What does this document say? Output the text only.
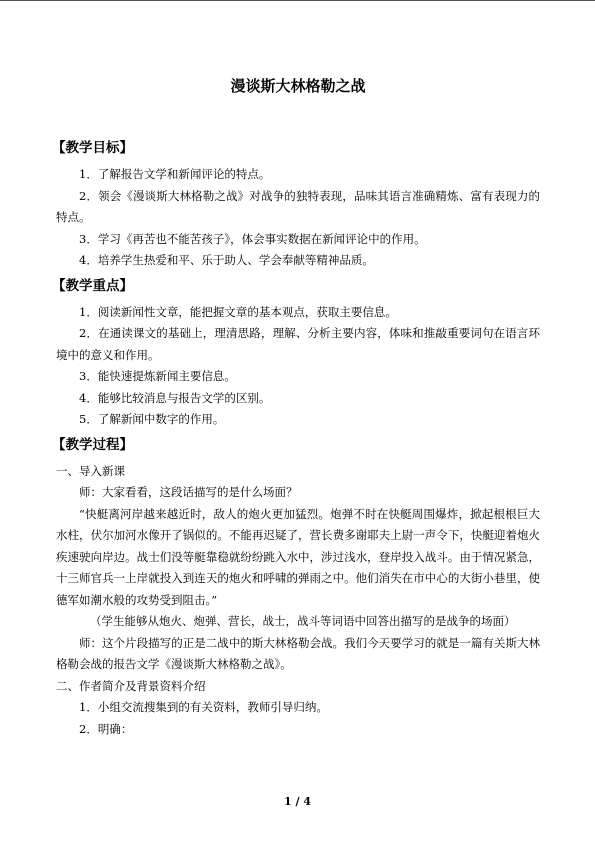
漫谈斯大林格勒之战
【教学目标】

1．了解报告文学和新闻评论的特点。

2．领会《漫谈斯大林格勒之战》对战争的独特表现，品味其语言准确精炼、富有表现力的特点。

3．学习《再苦也不能苦孩子》，体会事实数据在新闻评论中的作用。

4．培养学生热爱和平、乐于助人、学会奉献等精神品质。

【教学重点】

1．阅读新闻性文章，能把握文章的基本观点，获取主要信息。

2．在通读课文的基础上，理清思路，理解、分析主要内容，体味和推敲重要词句在语言环境中的意义和作用。

3．能快速提炼新闻主要信息。

4．能够比较消息与报告文学的区别。

5．了解新闻中数字的作用。

【教学过程】

一、导入新课

师：大家看看，这段话描写的是什么场面？

“快艇离河岸越来越近时，敌人的炮火更加猛烈。炮弹不时在快艇周围爆炸，掀起根根巨大水柱，伏尔加河水像开了锅似的。不能再迟疑了，营长费多谢耶夫上尉一声令下，快艇迎着炮火疾速驶向岸边。战士们没等艇靠稳就纷纷跳入水中，涉过浅水，登岸投入战斗。由于情况紧急，十三师官兵一上岸就投入到连天的炮火和呼啸的弹雨之中。他们消失在市中心的大街小巷里，使德军如潮水般的攻势受到阻击。”

（学生能够从炮火、炮弹、营长，战士，战斗等词语中回答出描写的是战争的场面）

师：这个片段描写的正是二战中的斯大林格勒会战。我们今天要学习的就是一篇有关斯大林格勒会战的报告文学《漫谈斯大林格勒之战》。

二、作者简介及背景资料介绍

1．小组交流搜集到的有关资料，教师引导归纳。

2．明确：

1 / 4
